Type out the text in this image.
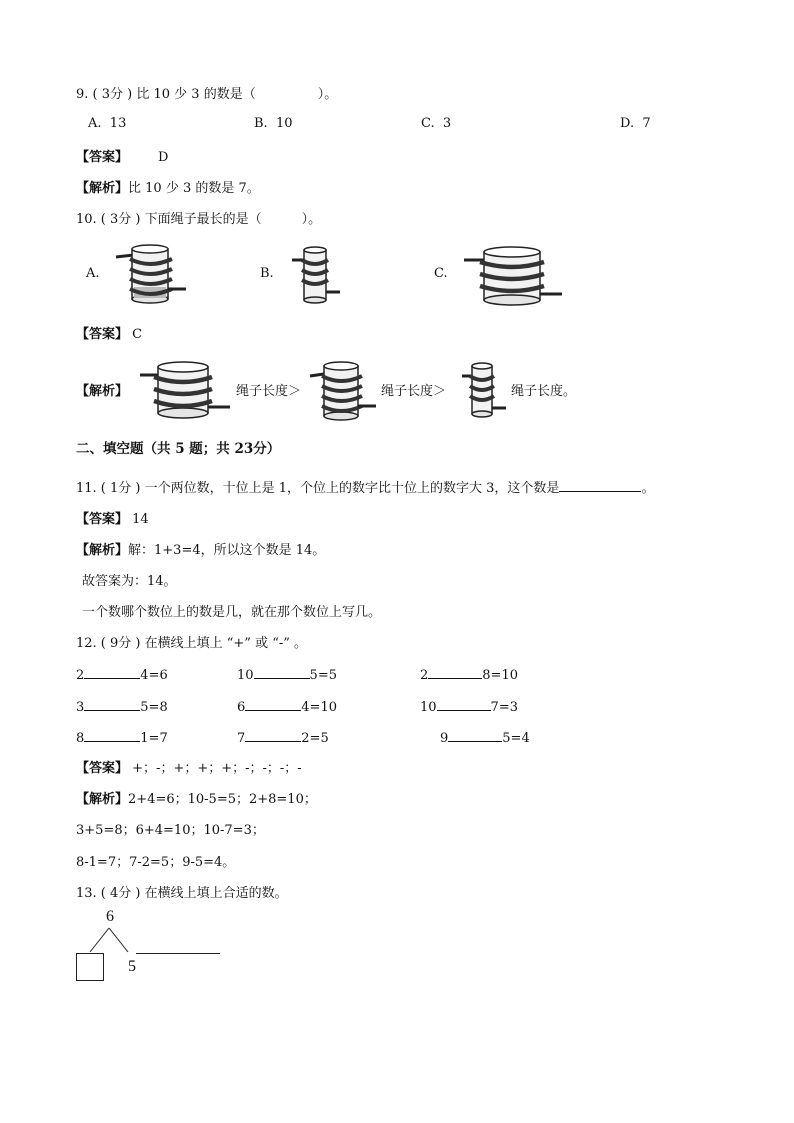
9. ( 3分 ) 比 10 少 3 的数是（	）。
A. 13	B. 10	C. 3	D. 7
【答案】 D
【解析】比 10 少 3 的数是 7。
10. ( 3分 ) 下面绳子最长的是（	）。
A.	B.	C.
【答案】 C
【解析】	绳子长度＞	绳子长度＞	绳子长度。
二、填空题（共 5 题；共 23分）
11. ( 1分 ) 一个两位数，十位上是 1，个位上的数字比十位上的数字大 3，这个数是	。
【答案】 14
【解析】解：1+3=4，所以这个数是 14。
故答案为：14。
一个数哪个数位上的数是几，就在那个数位上写几。
12. ( 9分 ) 在横线上填上 “+” 或 “-” 。
2	4=6	10	5=5	2	8=10
3	5=8	6	4=10	10	7=3
8	1=7	7	2=5	9	5=4
【答案】 +；-；+；+；+；-；-；-；-
【解析】2+4=6；10-5=5；2+8=10；
3+5=8；6+4=10；10-7=3；
8-1=7；7-2=5；9-5=4。
13. ( 4分 ) 在横线上填上合适的数。
6
5
